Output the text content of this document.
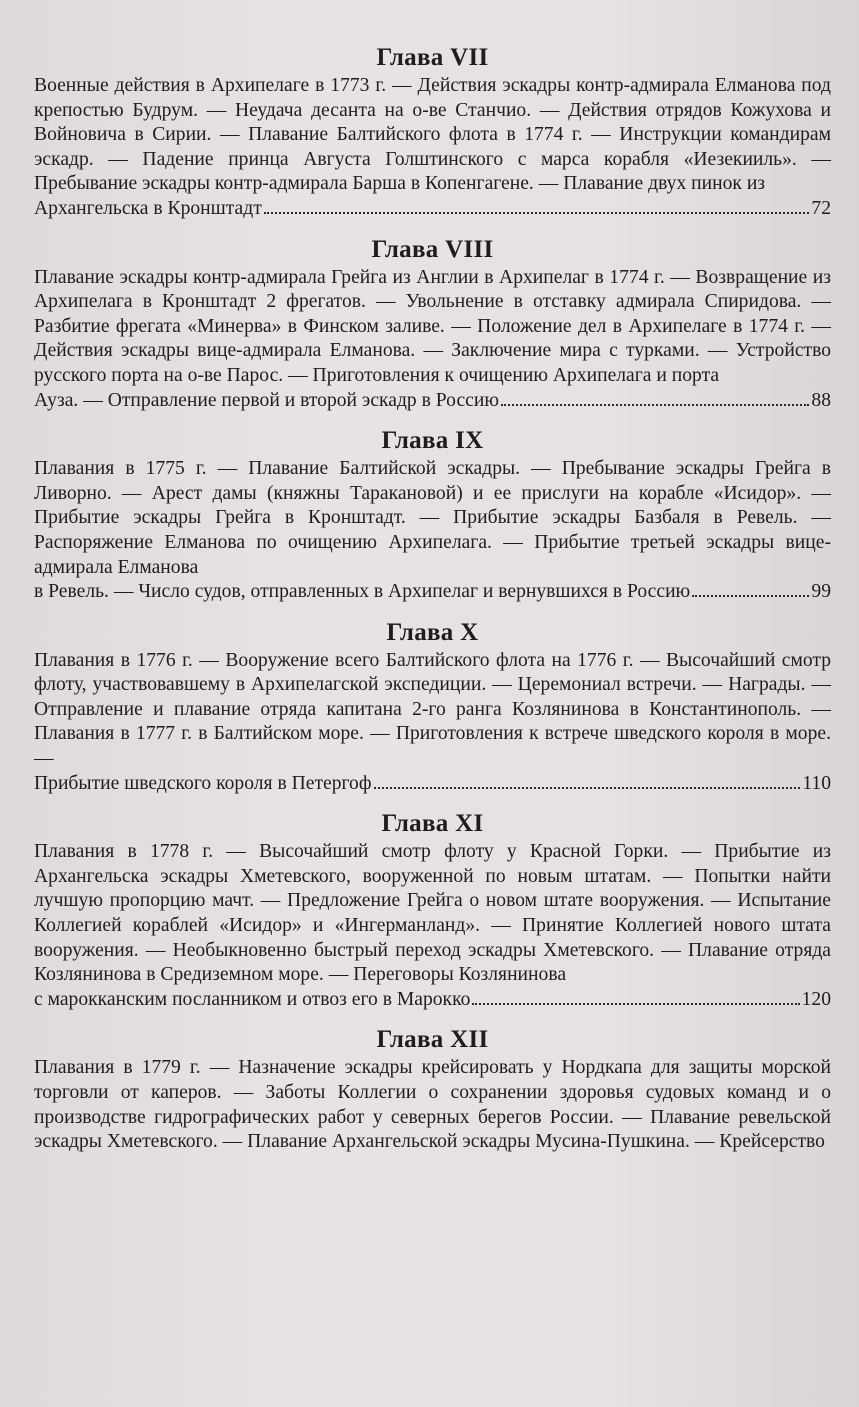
Глава VII
Военные действия в Архипелаге в 1773 г. — Действия эскадры контр-адмирала Елманова под крепостью Будрум. — Неудача десанта на о-ве Станчио. — Действия отрядов Кожухова и Войновича в Сирии. — Плавание Балтийского флота в 1774 г. — Инструкции командирам эскадр. — Падение принца Августа Голштинского с марса корабля «Иезекииль». — Пребывание эскадры контр-адмирала Барша в Копенгагене. — Плавание двух пинок из
Архангельска в Кронштадт	72
Глава VIII
Плавание эскадры контр-адмирала Грейга из Англии в Архипелаг в 1774 г. — Возвращение из Архипелага в Кронштадт 2 фрегатов. — Увольнение в отставку адмирала Спиридова. — Разбитие фрегата «Минерва» в Финском заливе. — Положение дел в Архипелаге в 1774 г. — Действия эскадры вице-адмирала Елманова. — Заключение мира с турками. — Устройство русского порта на о-ве Парос. — Приготовления к очищению Архипелага и порта
Ауза. — Отправление первой и второй эскадр в Россию	88
Глава IX
Плавания в 1775 г. — Плавание Балтийской эскадры. — Пребывание эскадры Грейга в Ливорно. — Арест дамы (княжны Таракановой) и ее прислуги на корабле «Исидор». — Прибытие эскадры Грейга в Кронштадт. — Прибытие эскадры Базбаля в Ревель. — Распоряжение Елманова по очищению Архипелага. — Прибытие третьей эскадры вице-адмирала Елманова
в Ревель. — Число судов, отправленных в Архипелаг и вернувшихся в Россию	99
Глава X
Плавания в 1776 г. — Вооружение всего Балтийского флота на 1776 г. — Высочайший смотр флоту, участвовавшему в Архипелагской экспедиции. — Церемониал встречи. — Награды. — Отправление и плавание отряда капитана 2-го ранга Козлянинова в Константинополь. — Плавания в 1777 г. в Балтийском море. — Приготовления к встрече шведского короля в море. —
Прибытие шведского короля в Петергоф	110
Глава XI
Плавания в 1778 г. — Высочайший смотр флоту у Красной Горки. — Прибытие из Архангельска эскадры Хметевского, вооруженной по новым штатам. — Попытки найти лучшую пропорцию мачт. — Предложение Грейга о новом штате вооружения. — Испытание Коллегией кораблей «Исидор» и «Ингерманланд». — Принятие Коллегией нового штата вооружения. — Необыкновенно быстрый переход эскадры Хметевского. — Плавание отряда Козлянинова в Средиземном море. — Переговоры Козлянинова
с марокканским посланником и отвоз его в Марокко	120
Глава XII
Плавания в 1779 г. — Назначение эскадры крейсировать у Нордкапа для защиты морской торговли от каперов. — Заботы Коллегии о сохранении здоровья судовых команд и о производстве гидрографических работ у северных берегов России. — Плавание ревельской эскадры Хметевского. — Плавание Архангельской эскадры Мусина-Пушкина. — Крейсерство
